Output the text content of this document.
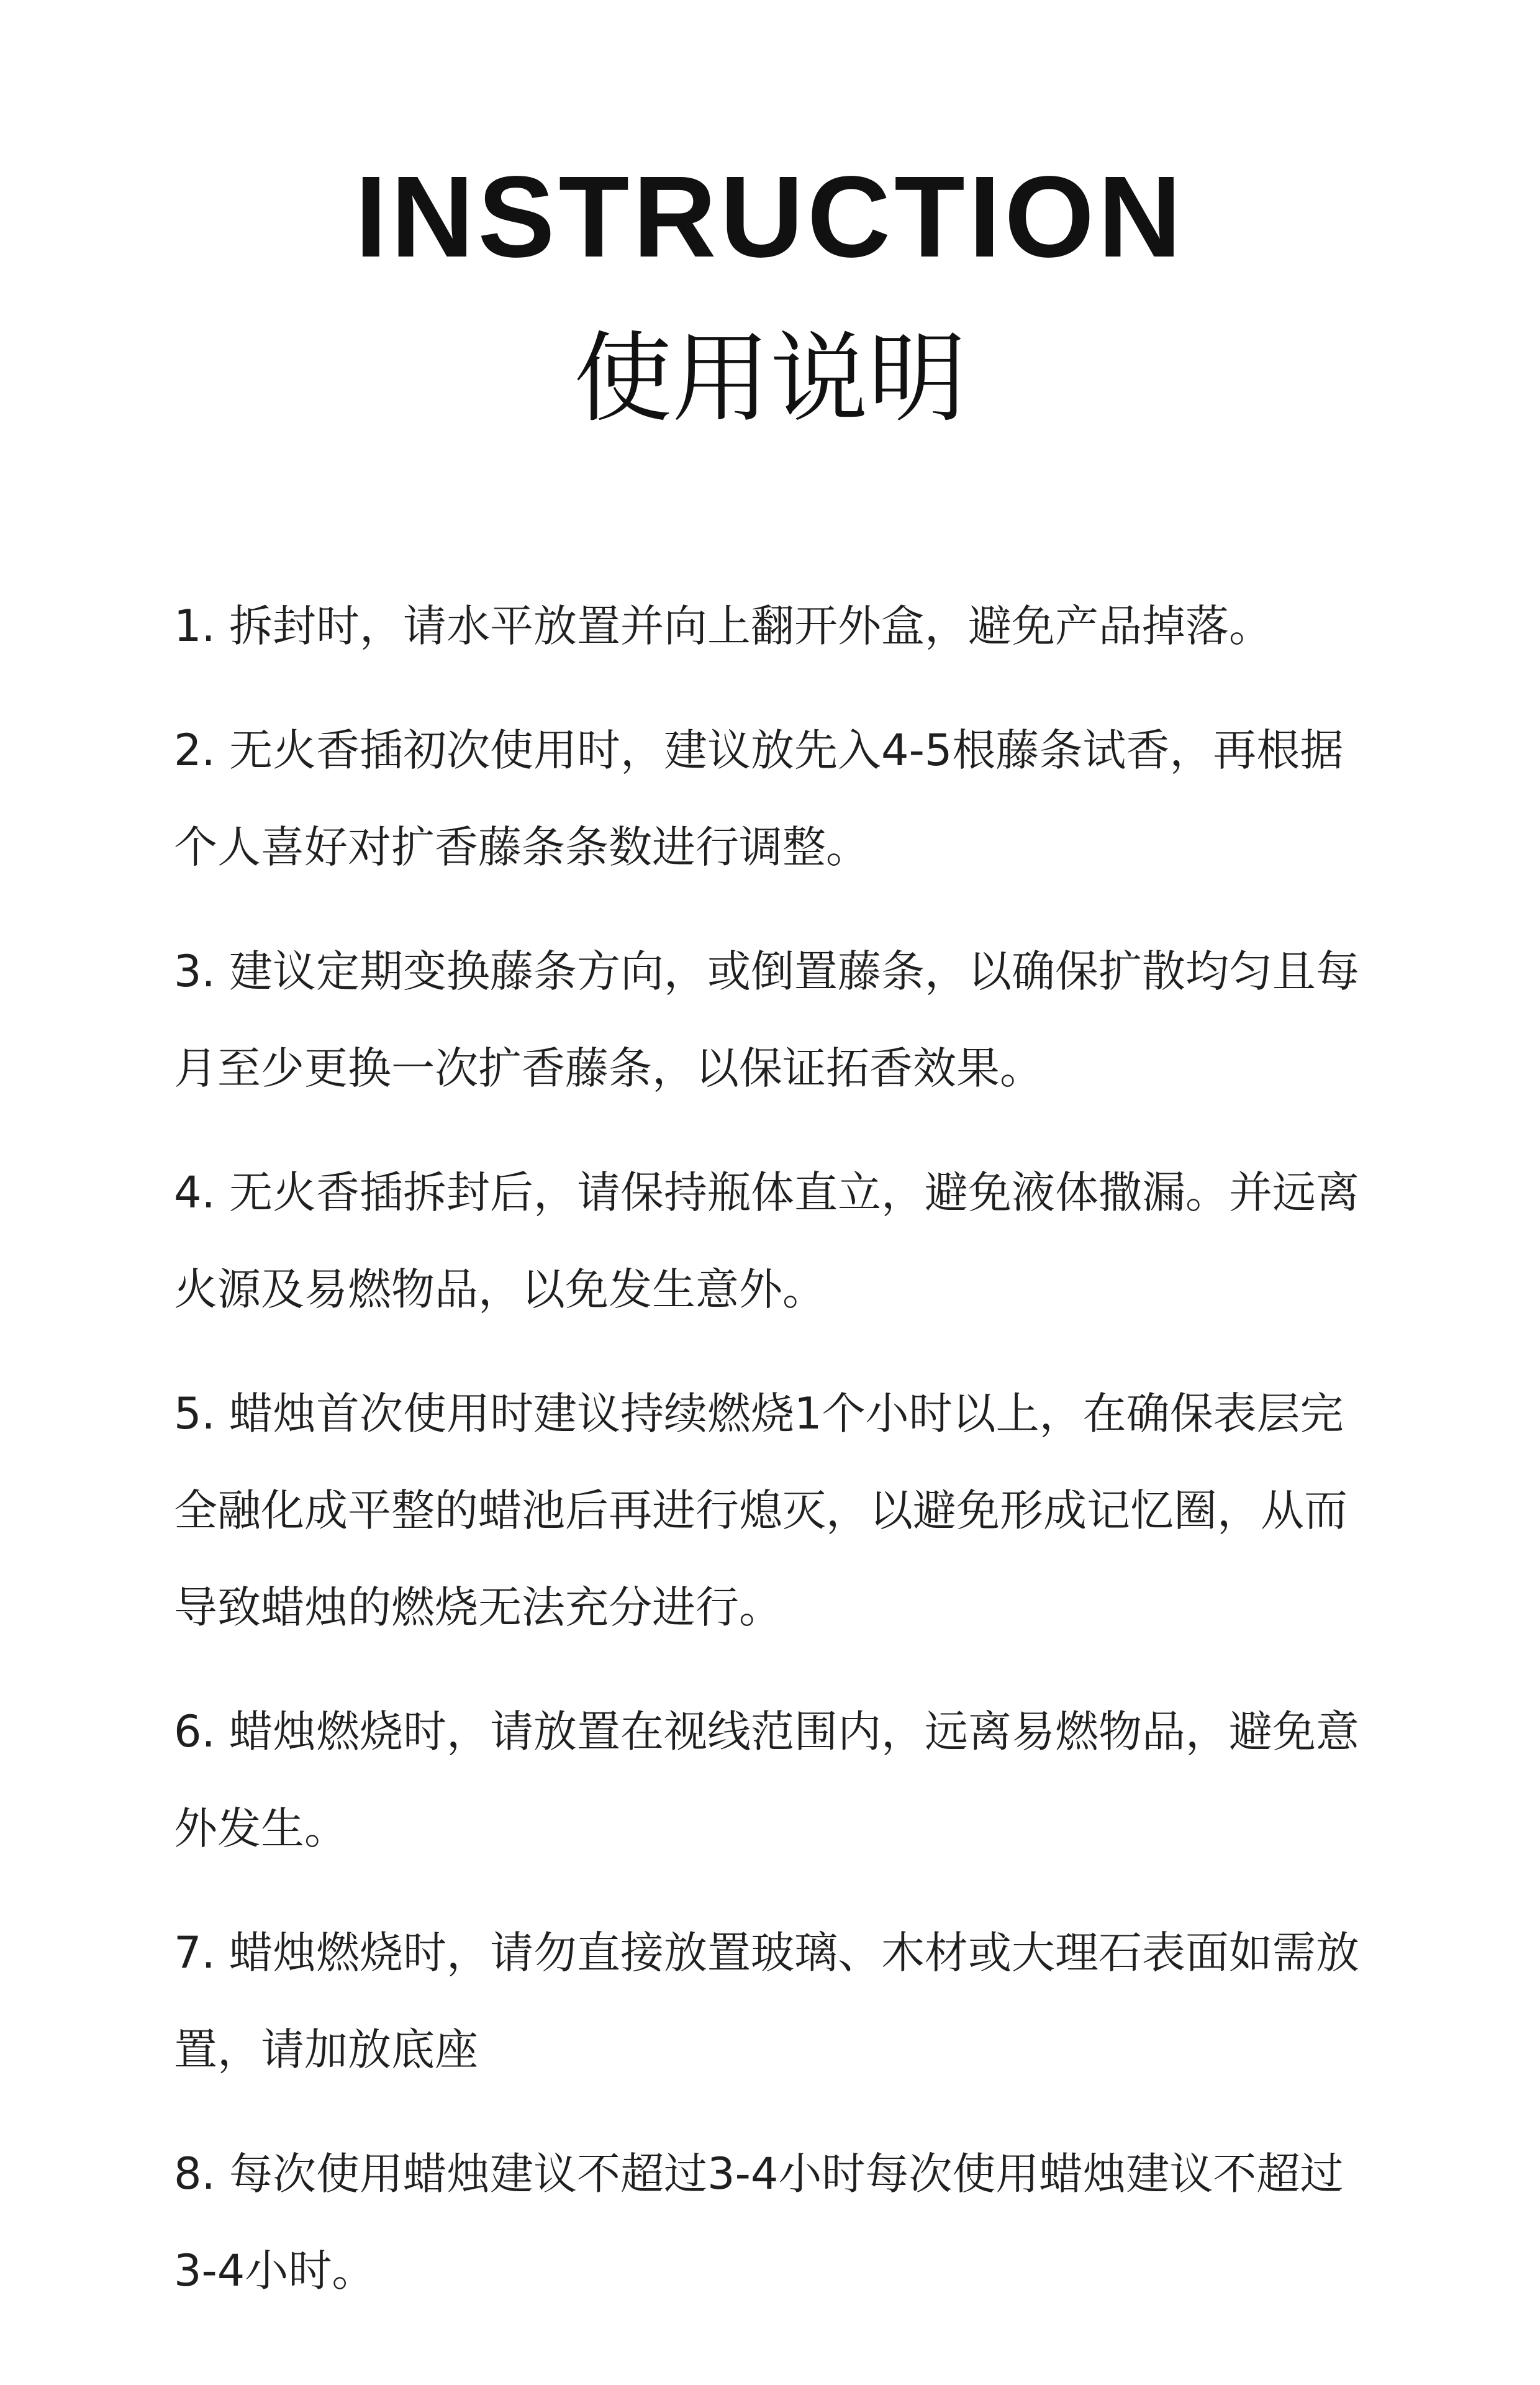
INSTRUCTION
使用说明
1. 拆封时，请水平放置并向上翻开外盒，避免产品掉落。
2. 无火香插初次使用时，建议放先入4-5根藤条试香，再根据个人喜好对扩香藤条条数进行调整。
3. 建议定期变换藤条方向，或倒置藤条，以确保扩散均匀且每月至少更换一次扩香藤条，以保证拓香效果。
4. 无火香插拆封后，请保持瓶体直立，避免液体撒漏。并远离火源及易燃物品，以免发生意外。
5. 蜡烛首次使用时建议持续燃烧1个小时以上，在确保表层完全融化成平整的蜡池后再进行熄灭，以避免形成记忆圈，从而导致蜡烛的燃烧无法充分进行。
6. 蜡烛燃烧时，请放置在视线范围内，远离易燃物品，避免意外发生。
7. 蜡烛燃烧时，请勿直接放置玻璃、木材或大理石表面如需放置，请加放底座
8. 每次使用蜡烛建议不超过3-4小时每次使用蜡烛建议不超过3-4小时。
